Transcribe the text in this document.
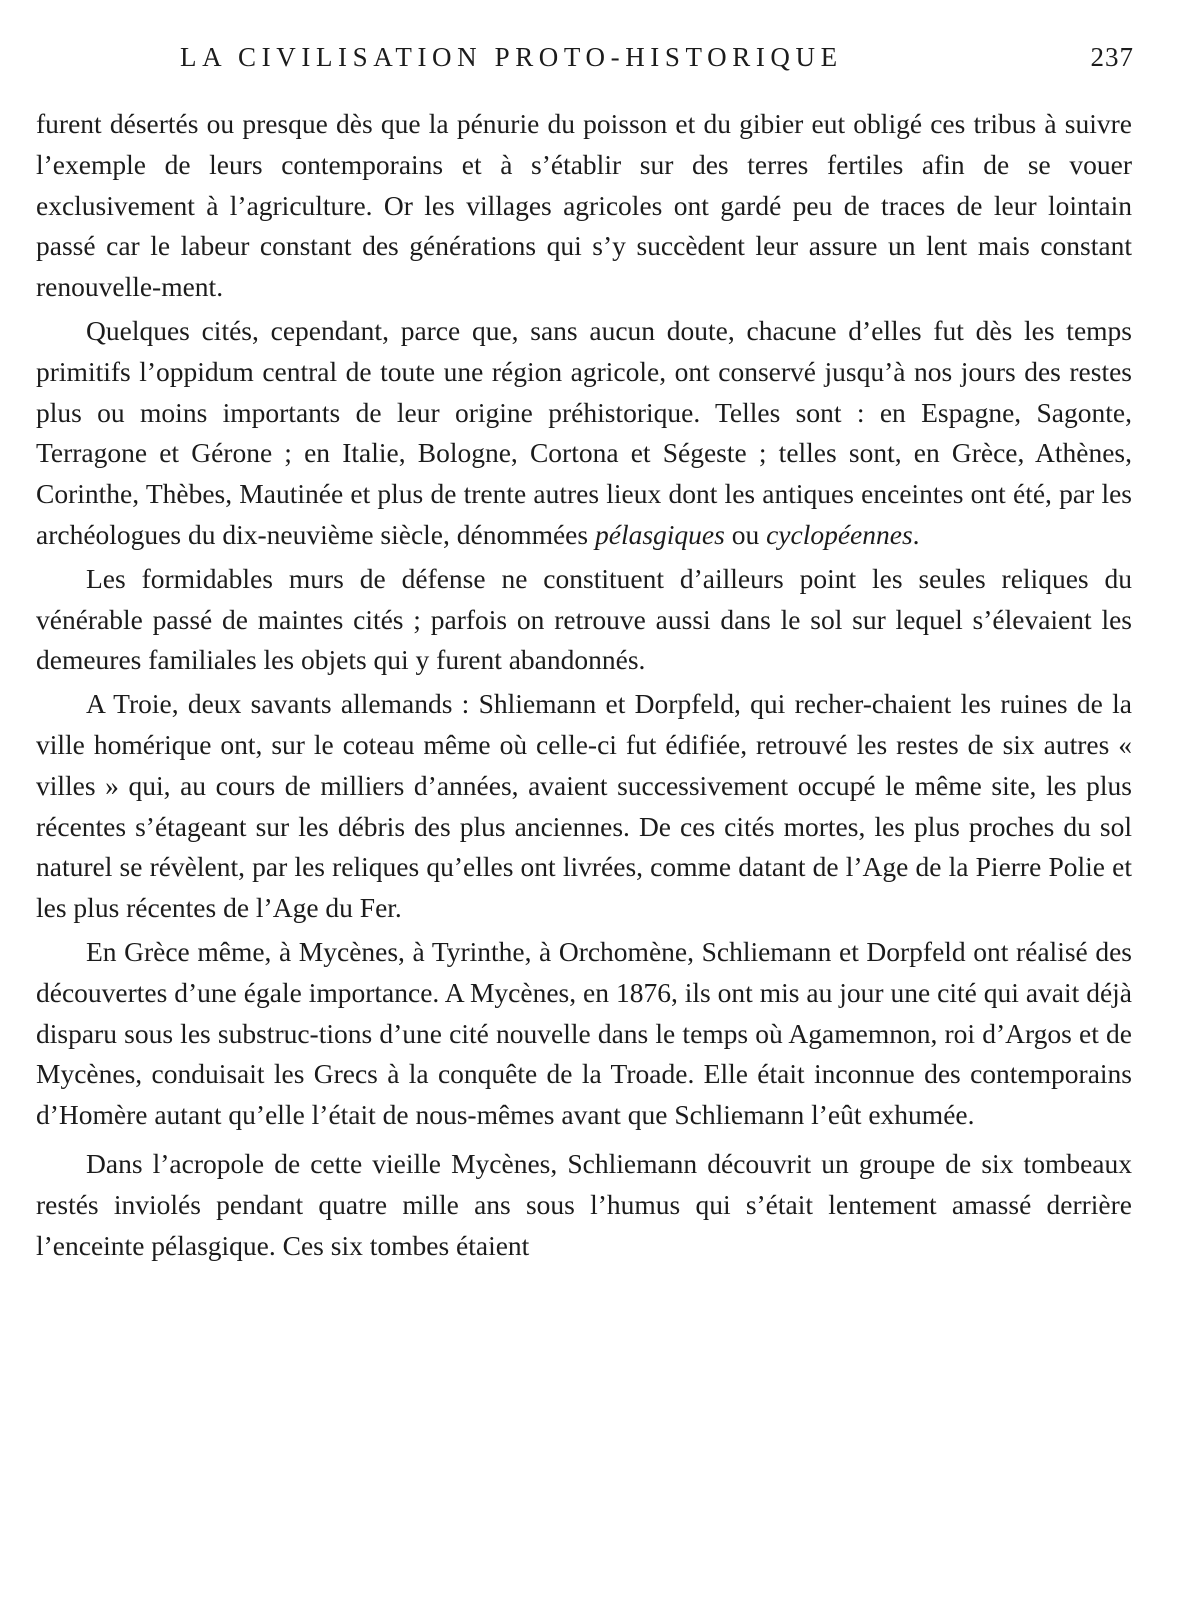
LA CIVILISATION PROTO-HISTORIQUE	237

furent désertés ou presque dès que la pénurie du poisson et du gibier eut obligé ces tribus à suivre l’exemple de leurs contemporains et à s’établir sur des terres fertiles afin de se vouer exclusivement à l’agriculture. Or les villages agricoles ont gardé peu de traces de leur lointain passé car le labeur constant des générations qui s’y succèdent leur assure un lent mais constant renouvelle-ment.

Quelques cités, cependant, parce que, sans aucun doute, chacune d’elles fut dès les temps primitifs l’oppidum central de toute une région agricole, ont conservé jusqu’à nos jours des restes plus ou moins importants de leur origine préhistorique. Telles sont : en Espagne, Sagonte, Terragone et Gérone ; en Italie, Bologne, Cortona et Ségeste ; telles sont, en Grèce, Athènes, Corinthe, Thèbes, Mautinée et plus de trente autres lieux dont les antiques enceintes ont été, par les archéologues du dix-neuvième siècle, dénommées pélasgiques ou cyclopéennes.

Les formidables murs de défense ne constituent d’ailleurs point les seules reliques du vénérable passé de maintes cités ; parfois on retrouve aussi dans le sol sur lequel s’élevaient les demeures familiales les objets qui y furent abandonnés.

A Troie, deux savants allemands : Shliemann et Dorpfeld, qui recher-chaient les ruines de la ville homérique ont, sur le coteau même où celle-ci fut édifiée, retrouvé les restes de six autres « villes » qui, au cours de milliers d’années, avaient successivement occupé le même site, les plus récentes s’étageant sur les débris des plus anciennes. De ces cités mortes, les plus proches du sol naturel se révèlent, par les reliques qu’elles ont livrées, comme datant de l’Age de la Pierre Polie et les plus récentes de l’Age du Fer.

En Grèce même, à Mycènes, à Tyrinthe, à Orchomène, Schliemann et Dorpfeld ont réalisé des découvertes d’une égale importance. A Mycènes, en 1876, ils ont mis au jour une cité qui avait déjà disparu sous les substruc-tions d’une cité nouvelle dans le temps où Agamemnon, roi d’Argos et de Mycènes, conduisait les Grecs à la conquête de la Troade. Elle était inconnue des contemporains d’Homère autant qu’elle l’était de nous-mêmes avant que Schliemann l’eût exhumée.

Dans l’acropole de cette vieille Mycènes, Schliemann découvrit un groupe de six tombeaux restés inviolés pendant quatre mille ans sous l’humus qui s’était lentement amassé derrière l’enceinte pélasgique. Ces six tombes étaient
